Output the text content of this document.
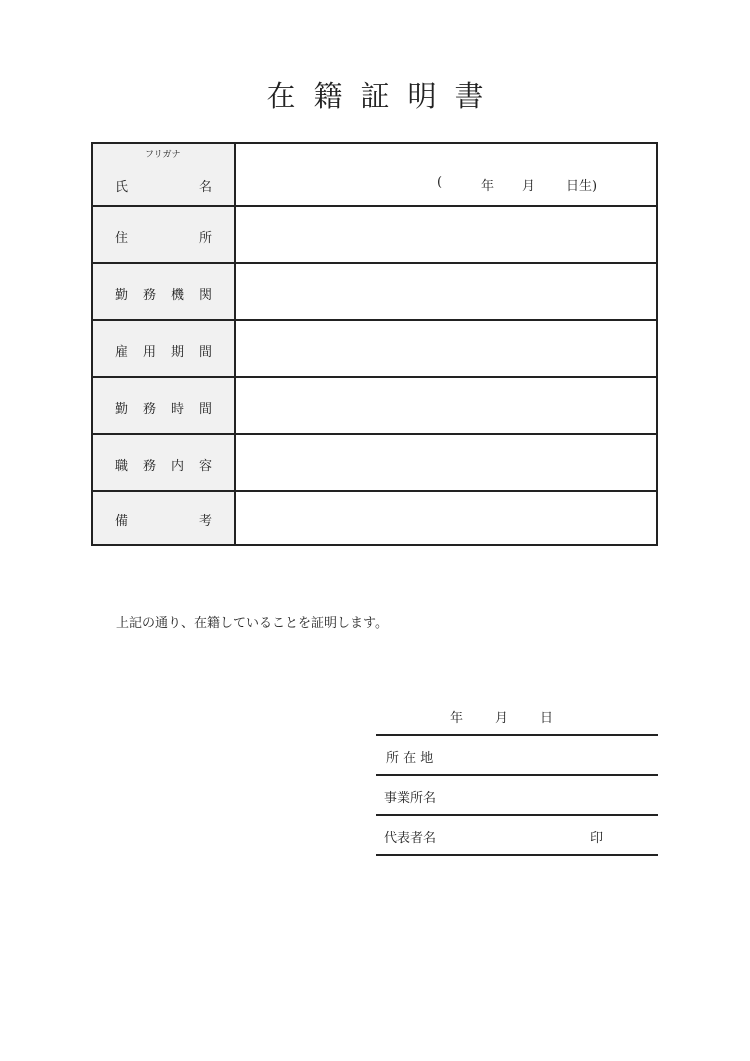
在 籍 証 明 書
フリガナ
氏	名	(	年 月 日生)
住	所
勤 務 機 関
雇 用 期 間
勤 務 時 間
職 務 内 容
備	考
上記の通り、在籍していることを証明します。
年 月 日
所 在 地
事業所名
代表者名	印
